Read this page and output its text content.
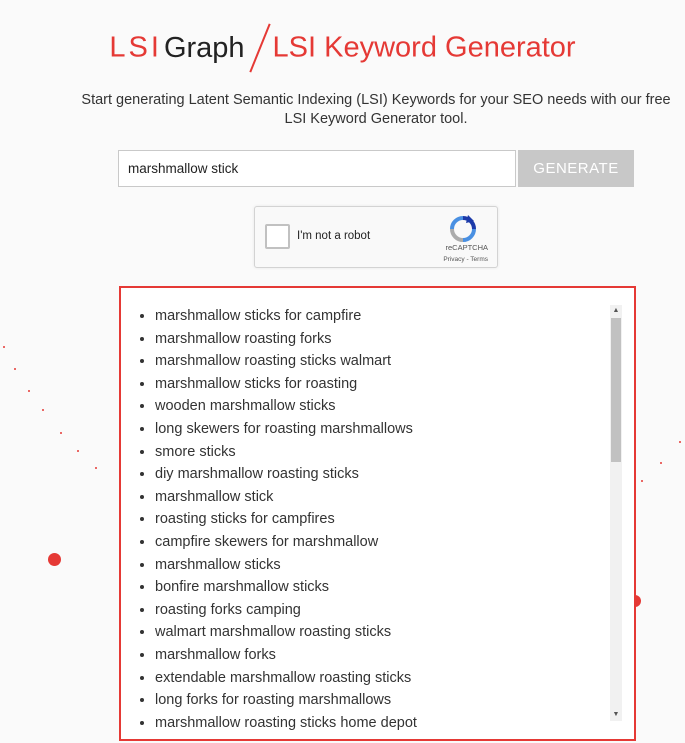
LSIGraph LSI Keyword Generator
Start generating Latent Semantic Indexing (LSI) Keywords for your SEO needs with our free LSI Keyword Generator tool.
marshmallow stick
GENERATE
I'm not a robot
reCAPTCHA
Privacy - Terms
• marshmallow sticks for campfire
• marshmallow roasting forks
• marshmallow roasting sticks walmart
• marshmallow sticks for roasting
• wooden marshmallow sticks
• long skewers for roasting marshmallows
• smore sticks
• diy marshmallow roasting sticks
• marshmallow stick
• roasting sticks for campfires
• campfire skewers for marshmallow
• marshmallow sticks
• bonfire marshmallow sticks
• roasting forks camping
• walmart marshmallow roasting sticks
• marshmallow forks
• extendable marshmallow roasting sticks
• long forks for roasting marshmallows
• marshmallow roasting sticks home depot
▲
▼
